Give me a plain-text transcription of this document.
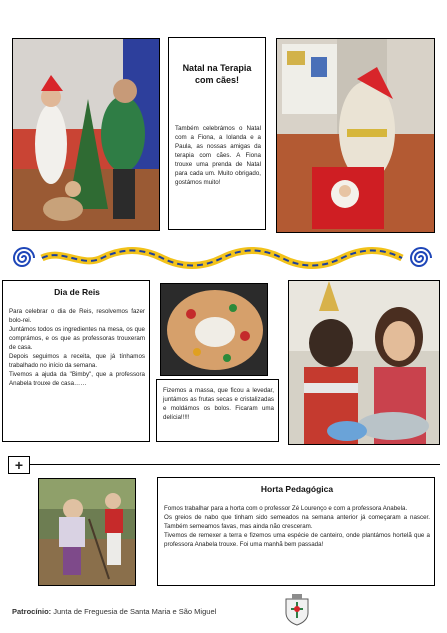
Natal na Terapia
com cães!
Também celebrámos o Natal com a Fiona, a Iolanda e a Paula, as nossas amigas da terapia com cães. A Fiona trouxe uma prenda de Natal para cada um. Muito obrigado, gostámos muito!
Dia de Reis
Para celebrar o dia de Reis, resolvemos fazer bolo-rei.
Juntámos todos os ingredientes na mesa, os que comprámos, e os que as professoras trouxeram de casa.
Depois seguimos a receita, que já tínhamos trabalhado no início da semana.
Tivemos a ajuda da "Bimby", que a professora Anabela trouxe de casa……
Fizemos a massa, que ficou a levedar, juntámos as frutas secas e cristalizadas e moldámos os bolos. Ficaram uma delícia!!!!!
+
Horta Pedagógica
Fomos trabalhar para a horta com o professor Zé Lourenço e com a professora Anabela.
Os greios de nabo que tinham sido semeados na semana anterior já começaram a nascer. Também semeamos favas, mas ainda não cresceram.
Tivemos de remexer a terra e fizemos uma espécie de canteiro, onde plantámos hortelã que a professora Anabela trouxe. Foi uma manhã bem passada!
Patrocínio: Junta de Freguesia de Santa Maria e São Miguel
